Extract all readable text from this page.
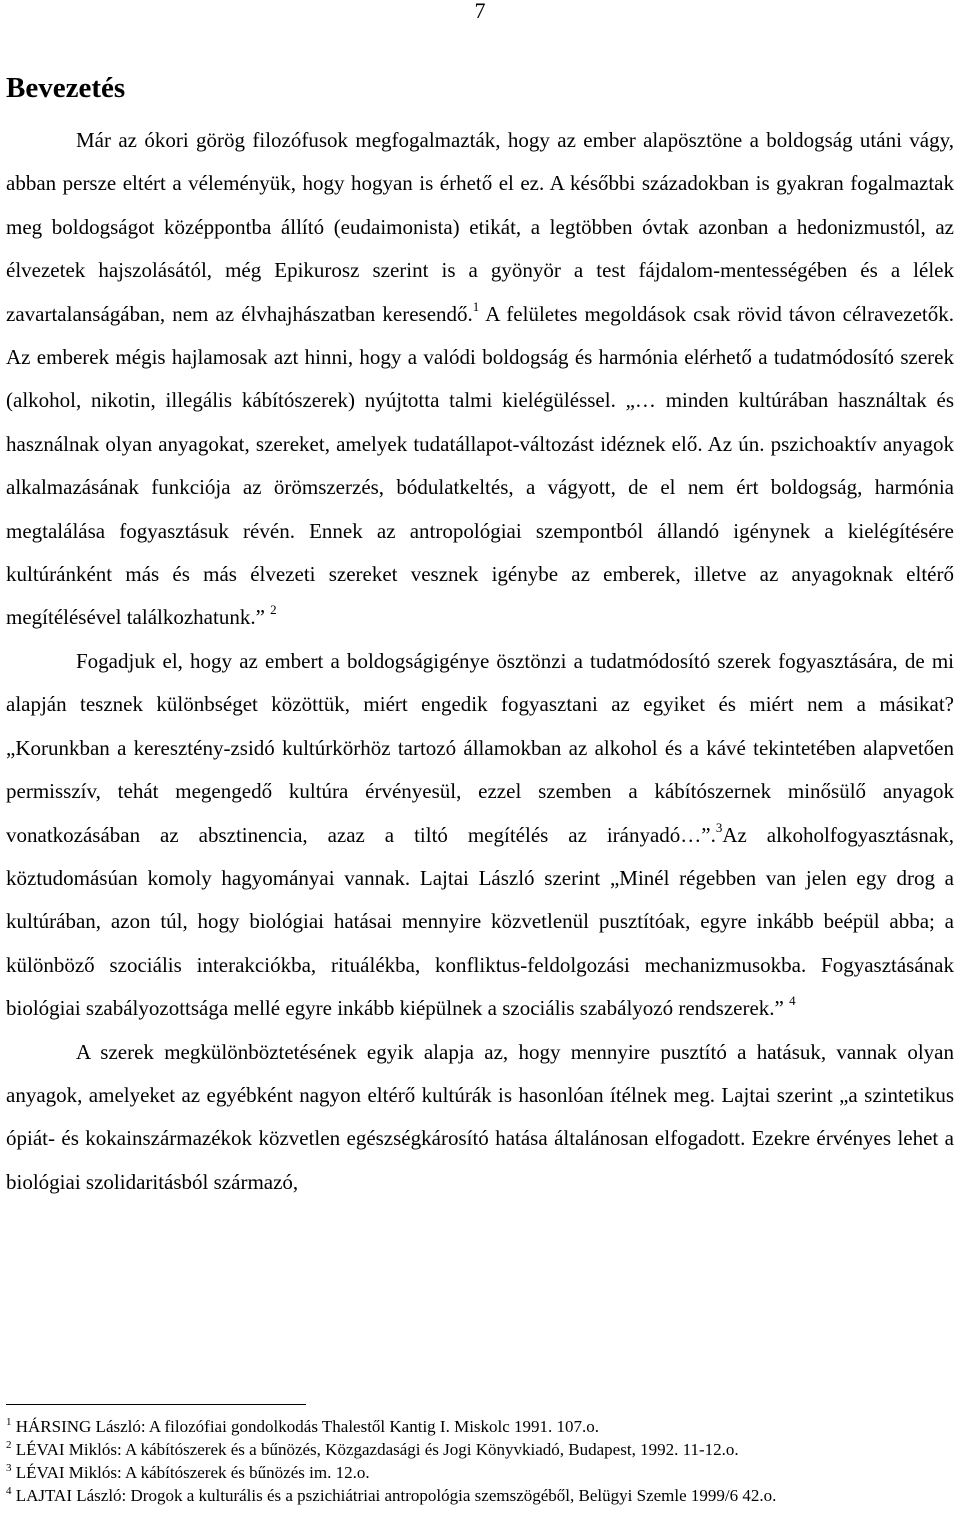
7
Bevezetés

Már az ókori görög filozófusok megfogalmazták, hogy az ember alapösztöne a boldogság utáni vágy, abban persze eltért a véleményük, hogy hogyan is érhető el ez. A későbbi századokban is gyakran fogalmaztak meg boldogságot középpontba állító (eudaimonista) etikát, a legtöbben óvtak azonban a hedonizmustól, az élvezetek hajszolásától, még Epikurosz szerint is a gyönyör a test fájdalom-mentességében és a lélek zavartalanságában, nem az élvhajhászatban keresendő.$^1$ A felületes megoldások csak rövid távon célravezetők. Az emberek mégis hajlamosak azt hinni, hogy a valódi boldogság és harmónia elérhető a tudatmódosító szerek (alkohol, nikotin, illegális kábítószerek) nyújtotta talmi kielégüléssel. „… minden kultúrában használtak és használnak olyan anyagokat, szereket, amelyek tudatállapot-változást idéznek elő. Az ún. pszichoaktív anyagok alkalmazásának funkciója az örömszerzés, bódulatkeltés, a vágyott, de el nem ért boldogság, harmónia megtalálása fogyasztásuk révén. Ennek az antropológiai szempontból állandó igénynek a kielégítésére kultúránként más és más élvezeti szereket vesznek igénybe az emberek, illetve az anyagoknak eltérő megítélésével találkozhatunk.” $^2$

Fogadjuk el, hogy az embert a boldogságigénye ösztönzi a tudatmódosító szerek fogyasztására, de mi alapján tesznek különbséget közöttük, miért engedik fogyasztani az egyiket és miért nem a másikat? „Korunkban a keresztény-zsidó kultúrkörhöz tartozó államokban az alkohol és a kávé tekintetében alapvetően permisszív, tehát megengedő kultúra érvényesül, ezzel szemben a kábítószernek minősülő anyagok vonatkozásában az absztinencia, azaz a tiltó megítélés az irányadó…”.$^3$Az alkoholfogyasztásnak, köztudomásúan komoly hagyományai vannak. Lajtai László szerint „Minél régebben van jelen egy drog a kultúrában, azon túl, hogy biológiai hatásai mennyire közvetlenül pusztítóak, egyre inkább beépül abba; a különböző szociális interakciókba, rituálékba, konfliktus-feldolgozási mechanizmusokba. Fogyasztásának biológiai szabályozottsága mellé egyre inkább kiépülnek a szociális szabályozó rendszerek.” $^4$

A szerek megkülönböztetésének egyik alapja az, hogy mennyire pusztító a hatásuk, vannak olyan anyagok, amelyeket az egyébként nagyon eltérő kultúrák is hasonlóan ítélnek meg. Lajtai szerint „a szintetikus ópiát- és kokainszármazékok közvetlen egészségkárosító hatása általánosan elfogadott. Ezekre érvényes lehet a biológiai szolidaritásból származó,

$^1$ HÁRSING László: A filozófiai gondolkodás Thalestől Kantig I. Miskolc 1991. 107.o.

$^2$ LÉVAI Miklós: A kábítószerek és a bűnözés, Közgazdasági és Jogi Könyvkiadó, Budapest, 1992. 11-12.o.

$^3$ LÉVAI Miklós: A kábítószerek és bűnözés im. 12.o.

$^4$ LAJTAI László: Drogok a kulturális és a pszichiátriai antropológia szemszögéből, Belügyi Szemle 1999/6 42.o.
